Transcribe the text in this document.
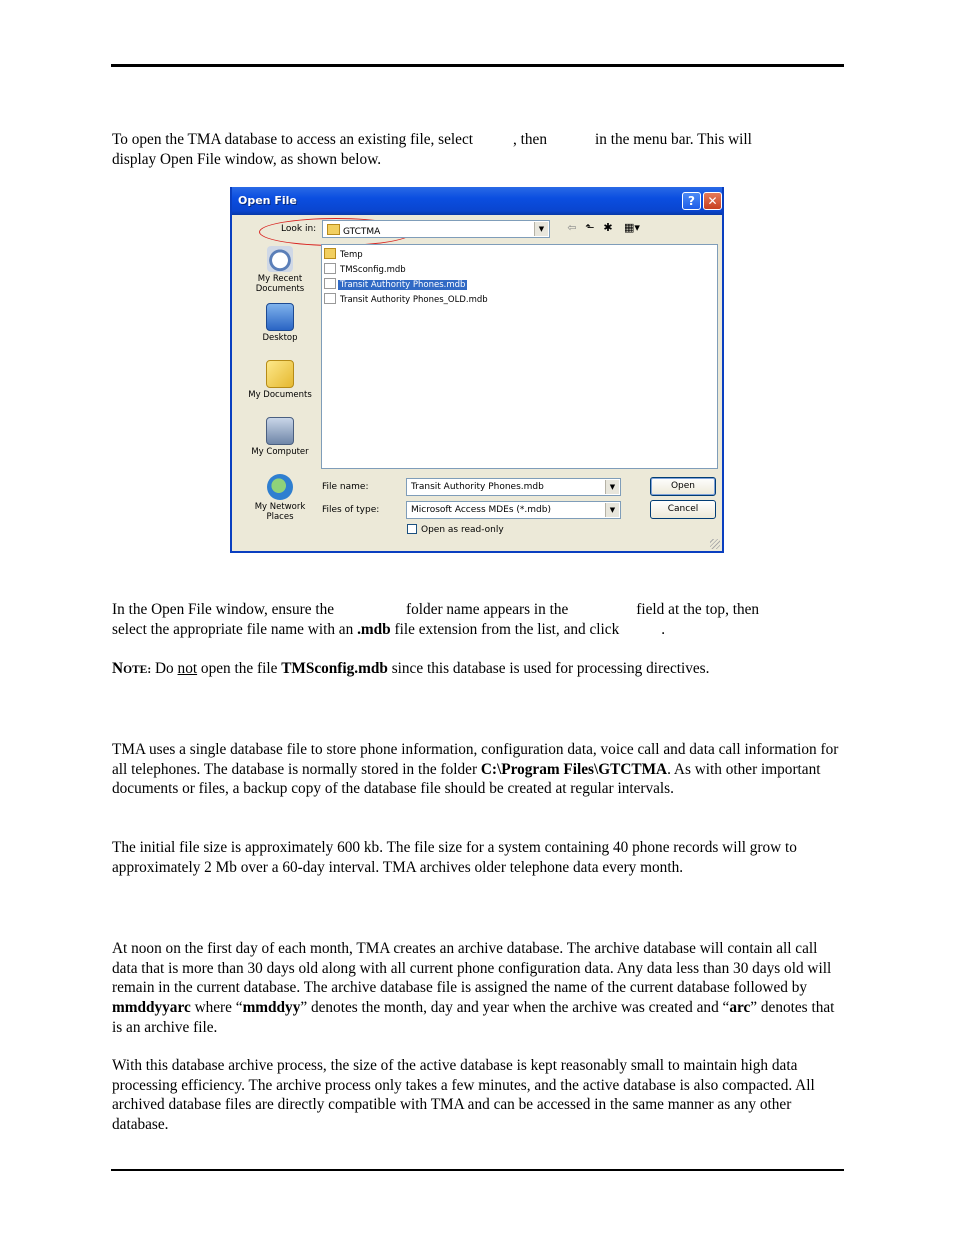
To open the TMA database to access an existing file, select	, then	in the menu bar. This will
display Open File window, as shown below.

Open File	?	✕
Look in:	GTCTMA	▼	⇦ ⬑ ✱ ▦▾
My Recent
Documents
Desktop
My Documents
My Computer
My Network
Places
Temp
TMSconfig.mdb
Transit Authority Phones.mdb
Transit Authority Phones_OLD.mdb
File name:	Transit Authority Phones.mdb	▼
Files of type:	Microsoft Access MDEs (*.mdb)	▼
Open as read-only
Open
Cancel

In the Open File window, ensure the	folder name appears in the	field at the top, then
select the appropriate file name with an .mdb file extension from the list, and click	.

NOTE: Do not open the file TMSconfig.mdb since this database is used for processing directives.

TMA uses a single database file to store phone information, configuration data, voice call and data call information for all telephones. The database is normally stored in the folder C:\Program Files\GTCTMA. As with other important documents or files, a backup copy of the database file should be created at regular intervals.

The initial file size is approximately 600 kb. The file size for a system containing 40 phone records will grow to approximately 2 Mb over a 60-day interval. TMA archives older telephone data every month.

At noon on the first day of each month, TMA creates an archive database. The archive database will contain all call data that is more than 30 days old along with all current phone configuration data. Any data less than 30 days old will remain in the current database. The archive database file is assigned the name of the current database followed by mmddyyarc where “mmddyy” denotes the month, day and year when the archive was created and “arc” denotes that is an archive file.

With this database archive process, the size of the active database is kept reasonably small to maintain high data processing efficiency. The archive process only takes a few minutes, and the active database is also compacted. All archived database files are directly compatible with TMA and can be accessed in the same manner as any other database.
